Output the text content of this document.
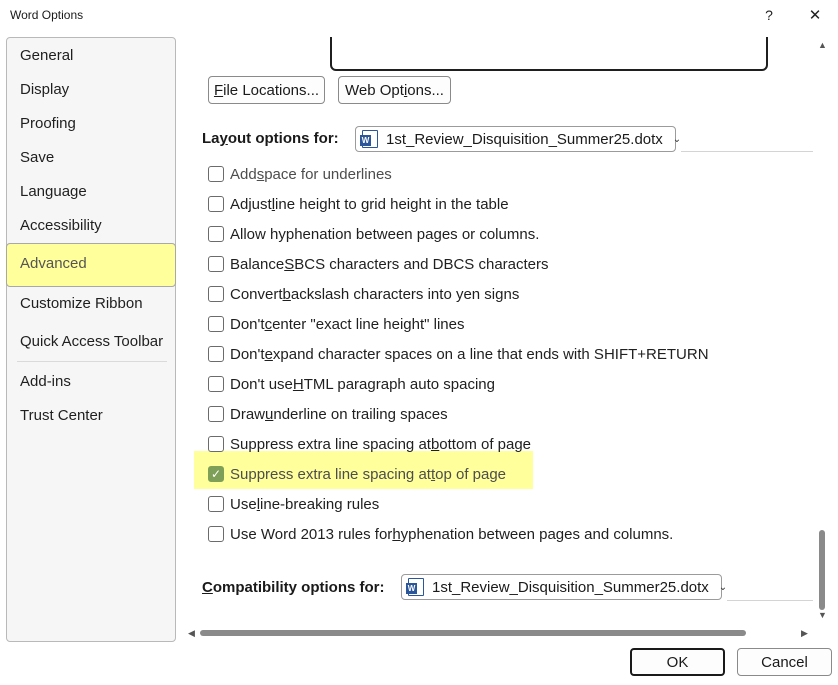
Word Options	?	✕
General
Display
Proofing
Save
Language
Accessibility
Advanced
Customize Ribbon
Quick Access Toolbar
Add-ins
Trust Center
F ile Locations... Web Opt i ons...
Layout options for: W	1st_Review_Disquisition_Summer25.dotx ⌄
Add s pace for underlines
Adjust l ine height to grid height in the table
Allow hyphenation between pages or columns.
Balance S BCS characters and DBCS characters
Convert b ackslash characters into yen signs
Don't c enter "exact line height" lines
Don't e xpand character spaces on a line that ends with SHIFT+RETURN
Don't use H TML paragraph auto spacing
Draw u nderline on trailing spaces
Suppress extra line spacing at b ottom of page
✓ Suppress extra line spacing at t op of page
Use l ine-breaking rules
Use Word 2013 rules for h yphenation between pages and columns.
Compatibility options for: W	1st_Review_Disquisition_Summer25.dotx ⌄
▲
▼
◀	▶
OK	Cancel
